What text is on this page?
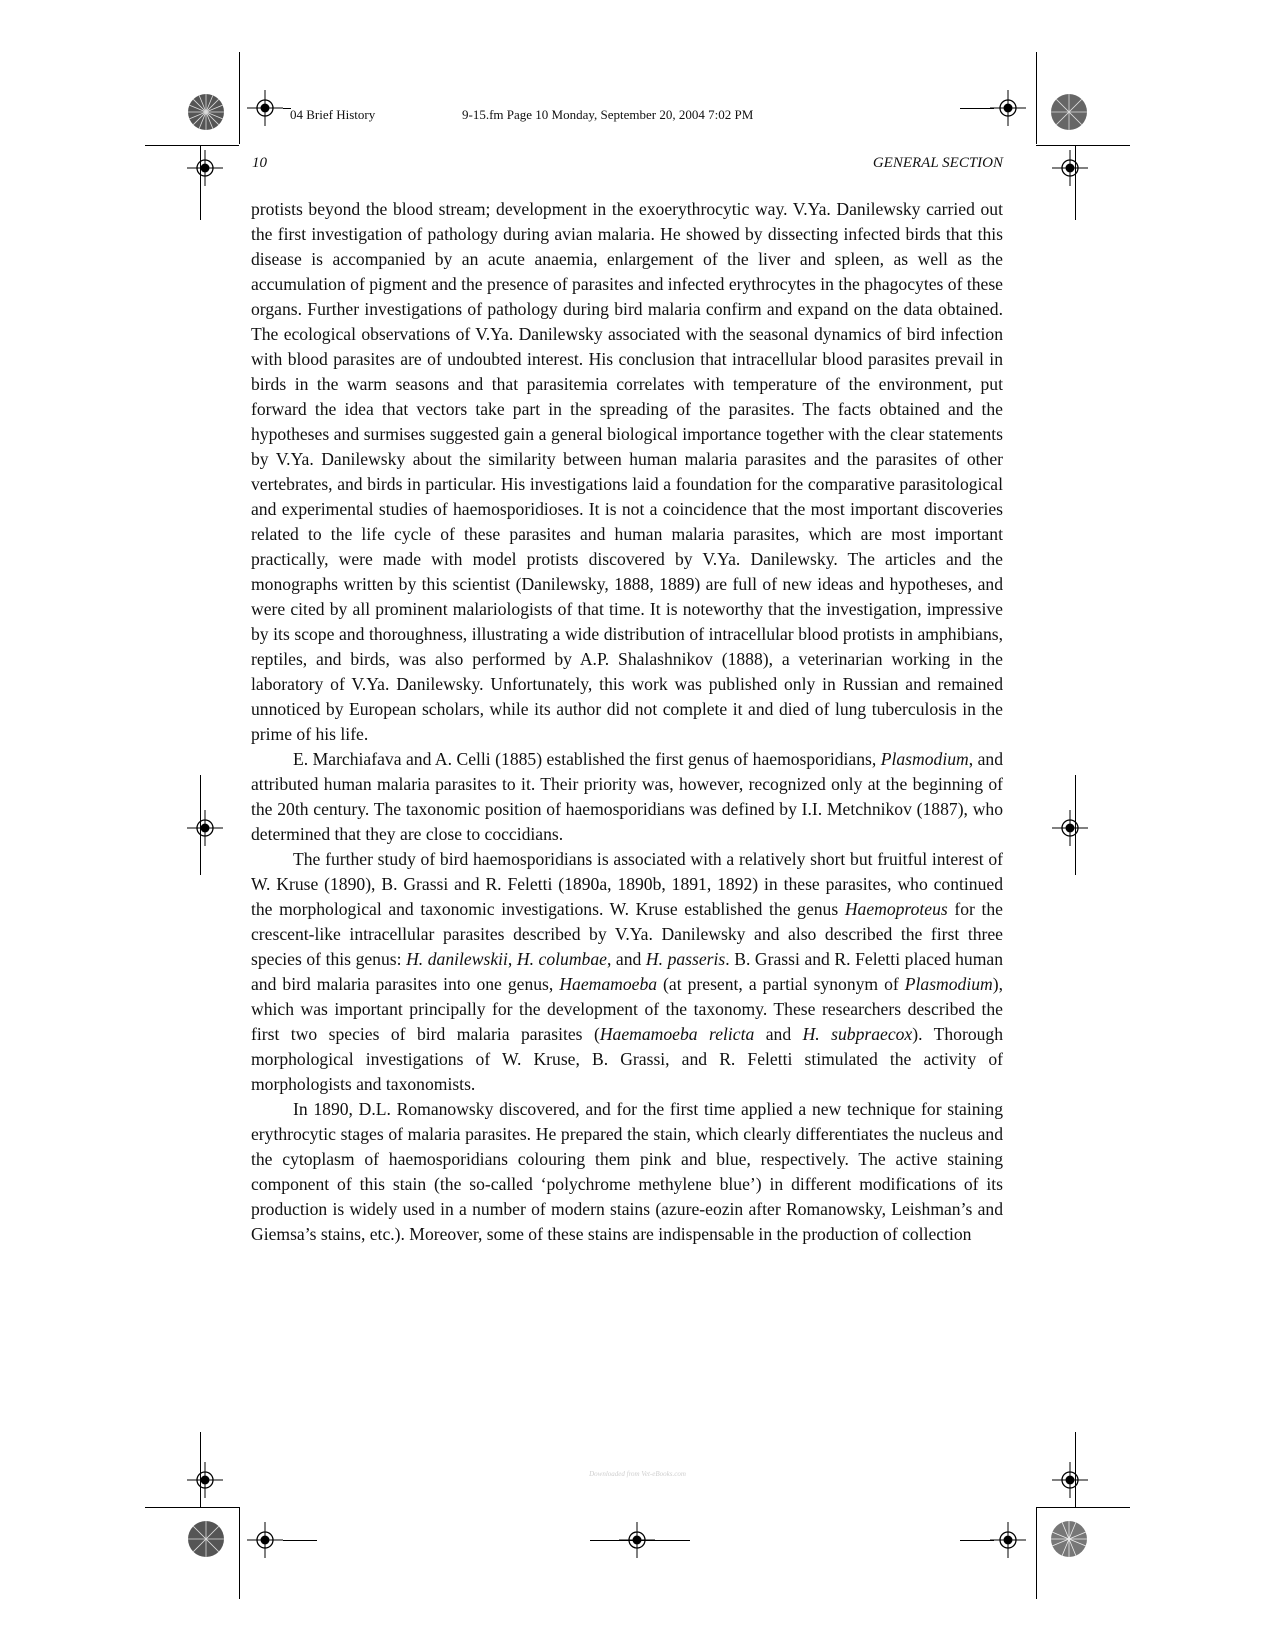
04 Brief History	9-15.fm Page 10 Monday, September 20, 2004 7:02 PM
10	GENERAL SECTION

protists beyond the blood stream; development in the exoerythrocytic way. V.Ya. Danilewsky carried out the first investigation of pathology during avian malaria. He showed by dissecting infected birds that this disease is accompanied by an acute anaemia, enlargement of the liver and spleen, as well as the accumulation of pigment and the presence of parasites and infected erythrocytes in the phagocytes of these organs. Further investigations of pathology during bird malaria confirm and expand on the data obtained. The ecological observations of V.Ya. Danilewsky associated with the seasonal dynamics of bird infection with blood parasites are of undoubted interest. His conclusion that intracellular blood parasites prevail in birds in the warm seasons and that parasitemia correlates with temperature of the environment, put forward the idea that vectors take part in the spreading of the parasites. The facts obtained and the hypotheses and surmises suggested gain a general biological importance together with the clear statements by V.Ya. Danilewsky about the similarity between human malaria parasites and the parasites of other vertebrates, and birds in particular. His investigations laid a foundation for the comparative parasitological and experimental studies of haemosporidioses. It is not a coincidence that the most important discoveries related to the life cycle of these parasites and human malaria parasites, which are most important practically, were made with model protists discovered by V.Ya. Danilewsky. The articles and the monographs written by this scientist (Danilewsky, 1888, 1889) are full of new ideas and hypotheses, and were cited by all prominent malariologists of that time. It is noteworthy that the investigation, impressive by its scope and thoroughness, illustrating a wide distribution of intracellular blood protists in amphibians, reptiles, and birds, was also performed by A.P. Shalashnikov (1888), a veterinarian working in the laboratory of V.Ya. Danilewsky. Unfortunately, this work was published only in Russian and remained unnoticed by European scholars, while its author did not complete it and died of lung tuberculosis in the prime of his life.

E. Marchiafava and A. Celli (1885) established the first genus of haemosporidians, Plasmodium, and attributed human malaria parasites to it. Their priority was, however, recognized only at the beginning of the 20th century. The taxonomic position of haemosporidians was defined by I.I. Metchnikov (1887), who determined that they are close to coccidians.

The further study of bird haemosporidians is associated with a relatively short but fruitful interest of W. Kruse (1890), B. Grassi and R. Feletti (1890a, 1890b, 1891, 1892) in these parasites, who continued the morphological and taxonomic investigations. W. Kruse established the genus Haemoproteus for the crescent-like intracellular parasites described by V.Ya. Danilewsky and also described the first three species of this genus: H. danilewskii, H. columbae, and H. passeris. B. Grassi and R. Feletti placed human and bird malaria parasites into one genus, Haemamoeba (at present, a partial synonym of Plasmodium), which was important principally for the development of the taxonomy. These researchers described the first two species of bird malaria parasites (Haemamoeba relicta and H. subpraecox). Thorough morphological investigations of W. Kruse, B. Grassi, and R. Feletti stimulated the activity of morphologists and taxonomists.

In 1890, D.L. Romanowsky discovered, and for the first time applied a new technique for staining erythrocytic stages of malaria parasites. He prepared the stain, which clearly differentiates the nucleus and the cytoplasm of haemosporidians colouring them pink and blue, respectively. The active staining component of this stain (the so-called ‘polychrome methylene blue’) in different modifications of its production is widely used in a number of modern stains (azure-eozin after Romanowsky, Leishman’s and Giemsa’s stains, etc.). Moreover, some of these stains are indispensable in the production of collection

Downloaded from Vet-eBooks.com
